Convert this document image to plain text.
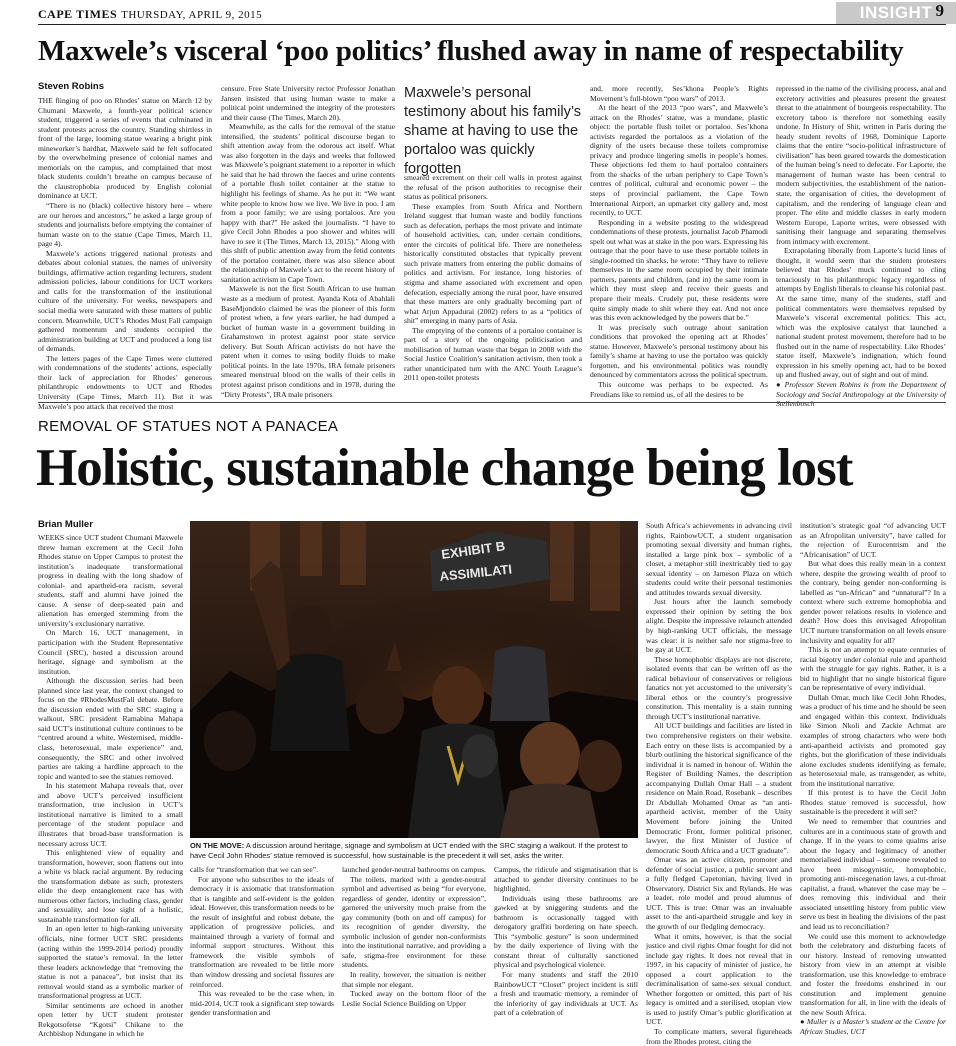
CAPE TIMES THURSDAY, APRIL 9, 2015	INSIGHT 9
Maxwele’s visceral ‘poo politics’ flushed away in name of respectability
Steven Robins

THE flinging of poo on Rhodes’ statue on March 12 by Chumani Maxwele, a fourth-year political science student, triggered a series of events that culminated in student protests across the country. Standing shirtless in front of the large, looming statue wearing a bright pink mineworker’s hardhat, Maxwele said he felt suffocated by the overwhelming presence of colonial names and memorials on the campus, and complained that most black students couldn’t breathe on campus because of the claustrophobia produced by English colonial dominance at UCT.

“There is no (black) collective history here – where are our heroes and ancestors,” he asked a large group of students and journalists before emptying the container of human waste on to the statue (Cape Times, March 11, page 4).

Maxwele’s actions triggered national protests and debates about colonial statues, the names of university buildings, affirmative action regarding lecturers, student admission policies, labour conditions for UCT workers and calls for the transformation of the institutional culture of the university. For weeks, newspapers and social media were saturated with these matters of public concern. Meanwhile, UCT’s Rhodes Must Fall campaign gathered momentum and students occupied the administration building at UCT and produced a long list of demands.

The letters pages of the Cape Times were cluttered with condemnations of the students’ actions, especially their lack of appreciation for Rhodes’ generous philanthropic endowments to UCT and Rhodes University (Cape Times, March 11). But it was Maxwele’s poo attack that received the most

censure. Free State University rector Professor Jonathan Jansen insisted that using human waste to make a political point undermined the integrity of the protesters and their cause (The Times, March 20).

Meanwhile, as the calls for the removal of the statue intensified, the students’ political discourse began to shift attention away from the odorous act itself. What was also forgotten in the days and weeks that followed was Maxwele’s poignant statement to a reporter in which he said that he had thrown the faeces and urine contents of a portable flush toilet container at the statue to highlight his feelings of shame. As he put it: “We want white people to know how we live. We live in poo. I am from a poor family; we are using portaloos. Are you happy with that?” He asked the journalists. “I have to give Cecil John Rhodes a poo shower and whites will have to see it (The Times, March 13, 2015).” Along with this shift of public attention away from the fetid contents of the portaloo container, there was also silence about the relationship of Maxwele’s act to the recent history of sanitation activism in Cape Town.

Maxwele is not the first South African to use human waste as a medium of protest. Ayanda Kota of Abahlali BaseMjondolo claimed he was the pioneer of this form of protest when, a few years earlier, he had dumped a bucket of human waste in a government building in Grahamstown in protest against poor state service delivery. But South African activists do not have the patent when it comes to using bodily fluids to make political points. In the late 1970s, IRA female prisoners smeared menstrual blood on the walls of their cells in protest against prison conditions and in 1978, during the “Dirty Protests”, IRA male prisoners

Maxwele’s personal testimony about his family’s shame at having to use the portaloo was quickly forgotten

smeared excrement on their cell walls in protest against the refusal of the prison authorities to recognise their status as political prisoners.

These examples from South Africa and Northern Ireland suggest that human waste and bodily functions such as defecation, perhaps the most private and intimate of household activities, can, under certain conditions, enter the circuits of political life. There are nonetheless historically constituted obstacles that typically prevent such private matters from entering the public domains of politics and activism. For instance, long histories of stigma and shame associated with excrement and open defecation, especially among the rural poor, have ensured that these matters are only gradually becoming part of what Arjun Appadurai (2002) refers to as a “politics of shit” emerging in many parts of Asia.

The emptying of the contents of a portaloo container is part of a story of the ongoing politicisation and mobilisation of human waste that began in 2008 with the Social Justice Coalition’s sanitation activism, then took a rather unanticipated turn with the ANC Youth League’s 2011 open-toilet protests

and, more recently, Ses’khona People’s Rights Movement’s full-blown “poo wars” of 2013.

At the heart of the 2013 “poo wars”, and Maxwele’s attack on the Rhodes’ statue, was a mundane, plastic object: the portable flush toilet or portaloo. Ses’khona activists regarded the portaloos as a violation of the dignity of the users because these toilets compromise privacy and produce lingering smells in people’s homes. These objections led them to haul portaloo containers from the shacks of the urban periphery to Cape Town’s centres of political, cultural and economic power – the steps of provincial parliament, the Cape Town International Airport, an upmarket city gallery and, most recently, to UCT.

Responding in a website posting to the widespread condemnations of these protests, journalist Jacob Phamodi spelt out what was at stake in the poo wars. Expressing his outrage that the poor have to use these portable toilets in single-roomed tin shacks, he wrote: “They have to relieve themselves in the same room occupied by their intimate partners, parents and children, (and in) the same room in which they must sleep and receive their guests and prepare their meals. Crudely put, these residents were quite simply made to shit where they eat. And not once was this even acknowledged by the powers that be.”

It was precisely such outrage about sanitation conditions that provoked the opening act at Rhodes’ statue. However, Maxwele’s personal testimony about his family’s shame at having to use the portaloo was quickly forgotten, and his environmental politics was roundly denounced by commentators across the political spectrum.

This outcome was perhaps to be expected. As Freudians like to remind us, of all the desires to be

repressed in the name of the civilising process, anal and excretory activities and pleasures present the greatest threat to the attainment of bourgeois respectability. The excretory taboo is therefore not something easily undone. In History of Shit, written in Paris during the heady student revolts of 1968, Dominique Laporte claims that the entire “socio-political infrastructure of civilisation” has been geared towards the domestication of the human being’s need to defecate. For Laporte, the management of human waste has been central to modern subjectivities, the establishment of the nation-state, the organisation of cities, the development of capitalism, and the rendering of language clean and proper. The elite and middle classes in early modern Western Europe, Laporte writes, were obsessed with sanitising their language and separating themselves from intimacy with excrement.

Extrapolating liberally from Laporte’s lucid lines of thought, it would seem that the student protesters believed that Rhodes’ muck continued to cling tenaciously to his philanthropic legacy regardless of attempts by English liberals to cleanse his colonial past. At the same time, many of the students, staff and political commentators were themselves repulsed by Maxwele’s visceral excremental politics. This act, which was the explosive catalyst that launched a national student protest movement, therefore had to be flushed out in the name of respectability. Like Rhodes’ statue itself, Maxwele’s indignation, which found expression in his smelly opening act, had to be boxed up and flushed away, out of sight and out of mind.

● Professor Steven Robins is from the Department of Sociology and Social Anthropology at the University of Stellenbosch

REMOVAL OF STATUES NOT A PANACEA
Holistic, sustainable change being lost
Brian Muller

WEEKS since UCT student Chumani Maxwele threw human excrement at the Cecil John Rhodes statue on Upper Campus to protest the institution’s inadequate transformational progress in dealing with the long shadow of colonial- and apartheid-era racism, several students, staff and alumni have joined the cause. A sense of deep-seated pain and alienation has emerged stemming from the university’s exclusionary narrative.

On March 16, UCT management, in participation with the Student Representative Council (SRC), hosted a discussion around heritage, signage and symbolism at the institution.

Although the discussion series had been planned since last year, the context changed to focus on the #RhodesMustFall debate. Before the discussion ended with the SRC staging a walkout, SRC president Ramabina Mahapa said UCT’s institutional culture continues to be “centred around a white, Westernised, middle-class, heterosexual, male experience” and, consequently, the SRC and other involved parties are taking a hardline approach to the topic and wanted to see the statues removed.

In his statement Mahapa reveals that, over and above UCT’s perceived insufficient transformation, true inclusion in UCT’s institutional narrative is limited to a small percentage of the student populace and illustrates that broad-base transformation is necessary across UCT.

This enlightened view of equality and transformation, however, soon flattens out into a white vs black racial argument. By reducing the transformation debate as such, protesters elide the deep entanglement race has with numerous other factors, including class, gender and sexuality, and lose sight of a holistic, sustainable transformation for all.

In an open letter to high-ranking university officials, nine former UCT SRC presidents (acting within the 1999-2014 period) proudly supported the statue’s removal. In the letter these leaders acknowledge that “removing the statue is not a panacea”, but insist that its removal would stand as a symbolic marker of transformational progress at UCT.

Similar sentiments are echoed in another open letter by UCT student protester Rekgotsofetse “Kgotsi” Chikane to the Archbishop Ndungane in which he

EXHIBIT B
ASSIMILATI
ON THE MOVE: A discussion around heritage, signage and symbolism at UCT ended with the SRC staging a walkout. If the protest to have Cecil John Rhodes’ statue removed is successful, how sustainable is the precedent it will set, asks the writer.

calls for “transformation that we can see”.

For anyone who subscribes to the ideals of democracy it is axiomatic that transformation that is tangible and self-evident is the golden ideal. However, this transformation needs to be the result of insightful and robust debate, the application of progressive policies, and maintained through a variety of formal and informal support structures. Without this framework the visible symbols of transformation are revealed to be little more than window dressing and societal fissures are reinforced.

This was revealed to be the case when, in mid-2014, UCT took a significant step towards gender transformation and

launched gender-neutral bathrooms on campus.

The toilets, marked with a gender-neutral symbol and advertised as being “for everyone, regardless of gender, identity or expression”, garnered the university much praise from the gay community (both on and off campus) for its recognition of gender diversity, the symbolic inclusion of gender non-conformists into the institutional narrative, and providing a safe, stigma-free environment for these students.

In reality, however, the situation is neither that simple nor elegant.

Tucked away on the bottom floor of the Leslie Social Science Building on Upper

Campus, the ridicule and stigmatisation that is attached to gender diversity continues to be highlighted.

Individuals using these bathrooms are gawked at by sniggering students and the bathroom is occasionally tagged with derogatory graffiti bordering on hate speech. This “symbolic gesture” is soon undermined by the daily experience of living with the constant threat of culturally sanctioned physical and psychological violence.

For many students and staff the 2010 RainbowUCT “Closet” project incident is still a fresh and traumatic memory, a reminder of the inferiority of gay individuals at UCT. As part of a celebration of

South Africa’s achievements in advancing civil rights, RainbowUCT, a student organisation promoting sexual diversity and human rights, installed a large pink box – symbolic of a closet, a metaphor still inextricably tied to gay sexual identity – on Jameson Plaza on which students could write their personal testimonies and attitudes towards sexual diversity.

Just hours after the launch somebody expressed their opinion by setting the box alight. Despite the impressive relaunch attended by high-ranking UCT officials, the message was clear: it is neither safe nor stigma-free to be gay at UCT.

These homophobic displays are not discrete, isolated events that can be written off as the radical behaviour of conservatives or religious fanatics not yet accustomed to the university’s liberal ethos or the country’s progressive constitution. This mentality is a stain running through UCT’s institutional narrative.

All UCT buildings and facilities are listed in two comprehensive registers on their website. Each entry on these lists is accompanied by a blurb outlining the historical significance of the individual it is named in honour of. Within the Register of Building Names, the description accompanying Dullah Omar Hall – a student residence on Main Road, Rosebank – describes Dr Abdullah Mohamed Omar as “an anti-apartheid activist, member of the Unity Movement before joining the United Democratic Front, former political prisoner, lawyer, the first Minister of Justice of democratic South Africa and a UCT graduate”.

Omar was an active citizen, promoter and defender of social justice, a public servant and a fully fledged Capetonian, having lived in Observatory, District Six and Rylands. He was a leader, role model and proud alumnus of UCT. This is true: Omar was an invaluable asset to the anti-apartheid struggle and key in the growth of our fledgling democracy.

What it omits, however, is that the social justice and civil rights Omar fought for did not include gay rights. It does not reveal that in 1997, in his capacity of minister of justice, he opposed a court application to the decriminalisation of same-sex sexual conduct. Whether forgotten or omitted, this part of his legacy is omitted and a sterilised, utopian view is used to justify Omar’s public glorification at UCT.

To complicate matters, several figureheads from the Rhodes protest, citing the

institution’s strategic goal “of advancing UCT as an Afropolitan university”, have called for the rejection of Eurocentrism and the “Africanisation” of UCT.

But what does this really mean in a context where, despite the growing wealth of proof to the contrary, being gender non-conforming is labelled as “un-African” and “unnatural”? In a context where such extreme homophobia and gender power relations results in violence and death? How does this envisaged Afropolitan UCT nurture transformation on all levels ensure inclusivity and equality for all?

This is not an attempt to equate centuries of racial bigotry under colonial rule and apartheid with the struggle for gay rights. Rather, it is a bid to highlight that no single historical figure can be representative of every individual.

Dullah Omar, much like Cecil John Rhodes, was a product of his time and he should be seen and engaged within this context. Individuals like Simon Nkoli and Zackie Achmat are examples of strong characters who were both anti-apartheid activists and promoted gay rights, but the glorification of these individuals alone excludes students identifying as female, as heterosexual male, as transgender, as white, from the institutional narrative.

If this protest is to have the Cecil John Rhodes statue removed is successful, how sustainable is the precedent it will set?

We need to remember that countries and cultures are in a continuous state of growth and change. If in the years to come qualms arise about the legacy and legitimacy of another memorialised individual – someone revealed to have been misogynistic, homophobic, promoting anti-miscegenation laws, a cut-throat capitalist, a fraud, whatever the case may be – does removing this individual and their associated unsettling history from public view serve us best in healing the divisions of the past and lead us to reconciliation?

We could use this moment to acknowledge both the celebratory and disturbing facets of our history. Instead of removing unwanted history from view in an attempt at visible transformation, use this knowledge to embrace and foster the freedoms enshrined in our constitution and implement genuine transformation for all, in line with the ideals of the new South Africa.

● Muller is a Master’s student at the Centre for African Studies, UCT
